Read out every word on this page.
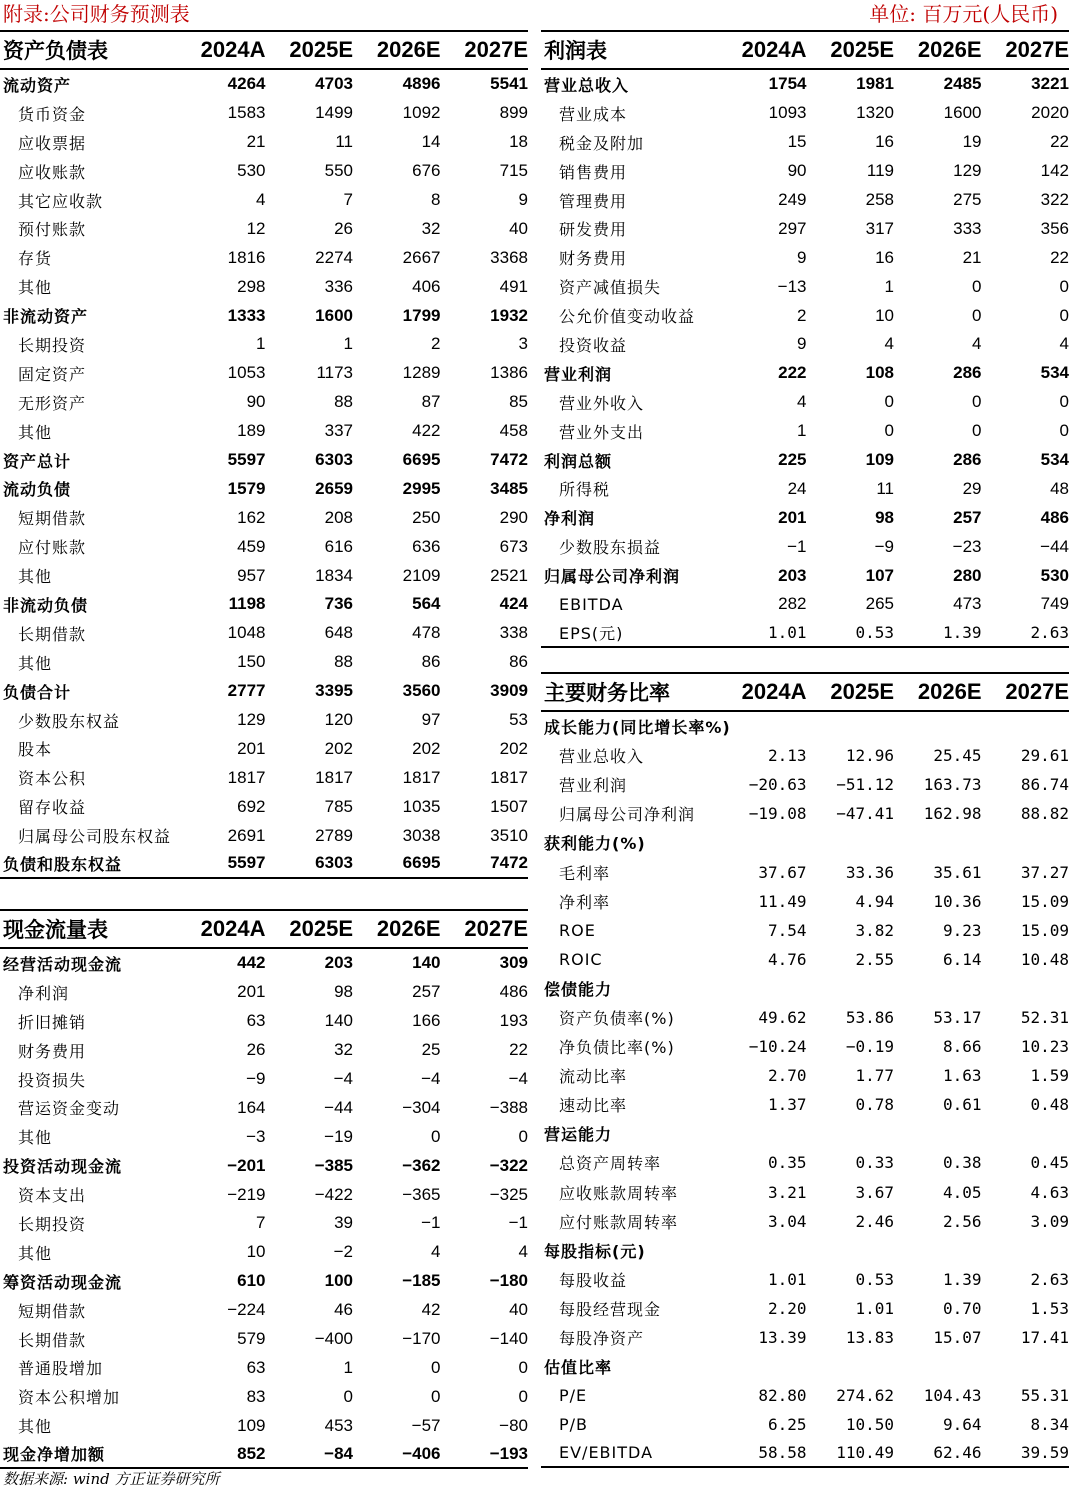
附录:公司财务预测表	单位: 百万元(人民币)
资产负债表	2024A	2025E	2026E	2027E
流动资产	4264	4703	4896	5541
货币资金	1583	1499	1092	899
应收票据	21	11	14	18
应收账款	530	550	676	715
其它应收款	4	7	8	9
预付账款	12	26	32	40
存货	1816	2274	2667	3368
其他	298	336	406	491
非流动资产	1333	1600	1799	1932
长期投资	1	1	2	3
固定资产	1053	1173	1289	1386
无形资产	90	88	87	85
其他	189	337	422	458
资产总计	5597	6303	6695	7472
流动负债	1579	2659	2995	3485
短期借款	162	208	250	290
应付账款	459	616	636	673
其他	957	1834	2109	2521
非流动负债	1198	736	564	424
长期借款	1048	648	478	338
其他	150	88	86	86
负债合计	2777	3395	3560	3909
少数股东权益	129	120	97	53
股本	201	202	202	202
资本公积	1817	1817	1817	1817
留存收益	692	785	1035	1507
归属母公司股东权益	2691	2789	3038	3510
负债和股东权益	5597	6303	6695	7472
利润表	2024A	2025E	2026E	2027E
营业总收入	1754	1981	2485	3221
营业成本	1093	1320	1600	2020
税金及附加	15	16	19	22
销售费用	90	119	129	142
管理费用	249	258	275	322
研发费用	297	317	333	356
财务费用	9	16	21	22
资产减值损失	−13	1	0	0
公允价值变动收益	2	10	0	0
投资收益	9	4	4	4
营业利润	222	108	286	534
营业外收入	4	0	0	0
营业外支出	1	0	0	0
利润总额	225	109	286	534
所得税	24	11	29	48
净利润	201	98	257	486
少数股东损益	−1	−9	−23	−44
归属母公司净利润	203	107	280	530
EBITDA	282	265	473	749
EPS(元)	1.01	0.53	1.39	2.63
现金流量表	2024A	2025E	2026E	2027E
经营活动现金流	442	203	140	309
净利润	201	98	257	486
折旧摊销	63	140	166	193
财务费用	26	32	25	22
投资损失	−9	−4	−4	−4
营运资金变动	164	−44	−304	−388
其他	−3	−19	0	0
投资活动现金流	−201	−385	−362	−322
资本支出	−219	−422	−365	−325
长期投资	7	39	−1	−1
其他	10	−2	4	4
筹资活动现金流	610	100	−185	−180
短期借款	−224	46	42	40
长期借款	579	−400	−170	−140
普通股增加	63	1	0	0
资本公积增加	83	0	0	0
其他	109	453	−57	−80
现金净增加额	852	−84	−406	−193
主要财务比率	2024A	2025E	2026E	2027E
成长能力(同比增长率%)
营业总收入	2.13	12.96	25.45	29.61
营业利润	−20.63	−51.12	163.73	86.74
归属母公司净利润	−19.08	−47.41	162.98	88.82
获利能力(%)
毛利率	37.67	33.36	35.61	37.27
净利率	11.49	4.94	10.36	15.09
ROE	7.54	3.82	9.23	15.09
ROIC	4.76	2.55	6.14	10.48
偿债能力
资产负债率(%)	49.62	53.86	53.17	52.31
净负债比率(%)	−10.24	−0.19	8.66	10.23
流动比率	2.70	1.77	1.63	1.59
速动比率	1.37	0.78	0.61	0.48
营运能力
总资产周转率	0.35	0.33	0.38	0.45
应收账款周转率	3.21	3.67	4.05	4.63
应付账款周转率	3.04	2.46	2.56	3.09
每股指标(元)
每股收益	1.01	0.53	1.39	2.63
每股经营现金	2.20	1.01	0.70	1.53
每股净资产	13.39	13.83	15.07	17.41
估值比率
P/E	82.80	274.62	104.43	55.31
P/B	6.25	10.50	9.64	8.34
EV/EBITDA	58.58	110.49	62.46	39.59
数据来源: wind 方正证券研究所
